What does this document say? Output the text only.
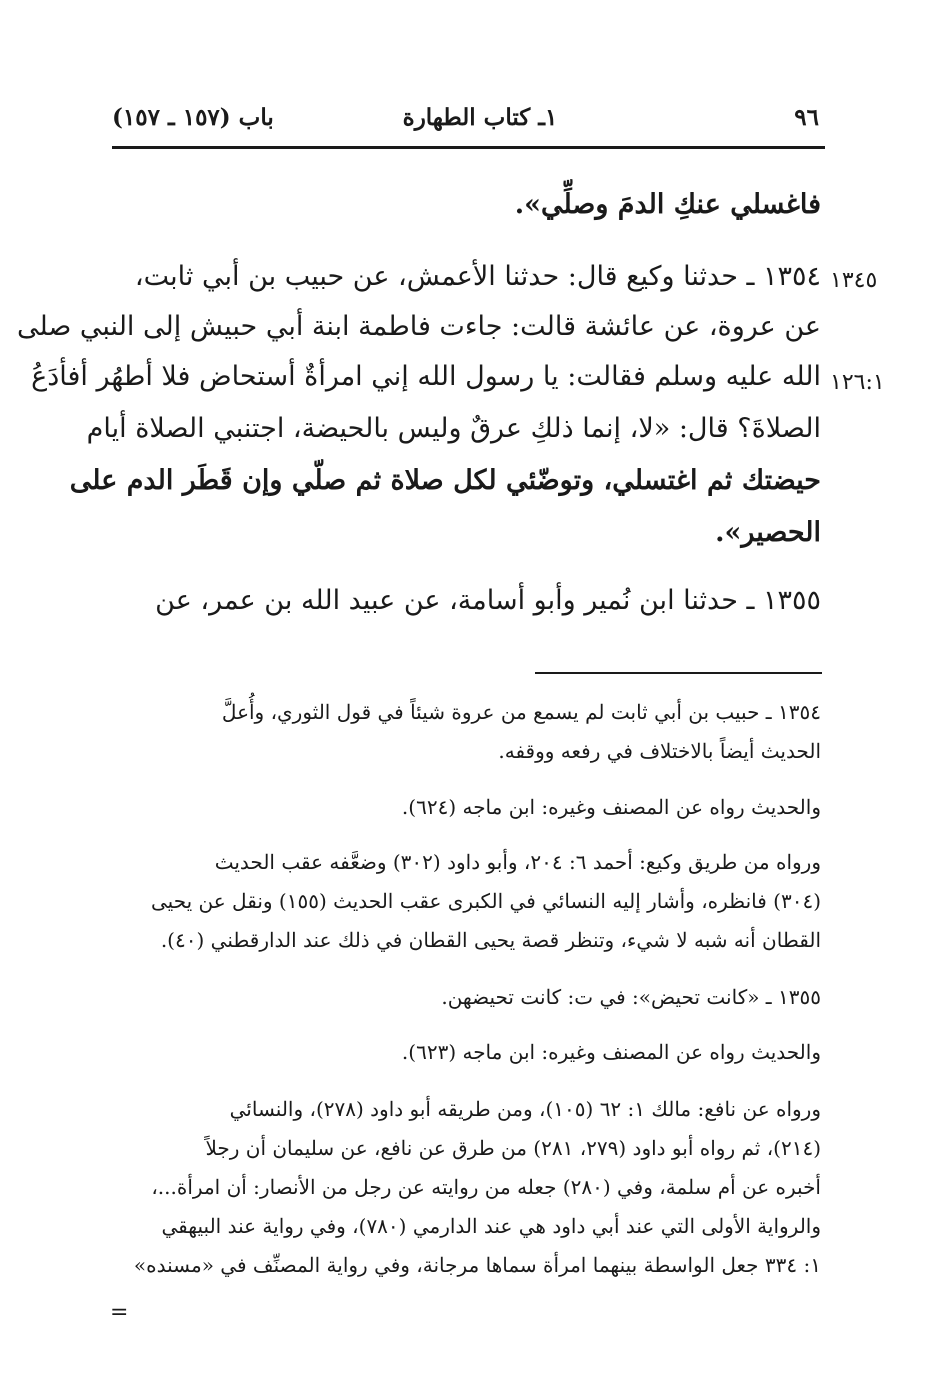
٩٦
١ـ كتاب الطهارة
باب (١٥٧ ـ ١٥٧)
فاغسلي عنكِ الدمَ وصلِّي».
١٣٤٥
١٣٥٤ ـ حدثنا وكيع قال: حدثنا الأعمش، عن حبيب بن أبي ثابت،
عن عروة، عن عائشة قالت: جاءت فاطمة ابنة أبي حبيش إلى النبي صلى
١٢٦:١
الله عليه وسلم فقالت: يا رسول الله إني امرأةٌ أستحاض فلا أطهُر أفأدَعُ
الصلاةَ؟ قال: «لا، إنما ذلكِ عرقٌ وليس بالحيضة، اجتنبي الصلاة أيام
حيضتك ثم اغتسلي، وتوضّئي لكل صلاة ثم صلّي وإن قَطَر الدم على
الحصير».
١٣٥٥ ـ حدثنا ابن نُمير وأبو أسامة، عن عبيد الله بن عمر، عن
١٣٥٤ ـ حبيب بن أبي ثابت لم يسمع من عروة شيئاً في قول الثوري، وأُعلَّ
الحديث أيضاً بالاختلاف في رفعه ووقفه.
والحديث رواه عن المصنف وغيره: ابن ماجه (٦٢٤).
ورواه من طريق وكيع: أحمد ٦: ٢٠٤، وأبو داود (٣٠٢) وضعَّفه عقب الحديث
(٣٠٤) فانظره، وأشار إليه النسائي في الكبرى عقب الحديث (١٥٥) ونقل عن يحيى
القطان أنه شبه لا شيء، وتنظر قصة يحيى القطان في ذلك عند الدارقطني (٤٠).
١٣٥٥ ـ «كانت تحيض»: في ت: كانت تحيضهن.
والحديث رواه عن المصنف وغيره: ابن ماجه (٦٢٣).
ورواه عن نافع: مالك ١: ٦٢ (١٠٥)، ومن طريقه أبو داود (٢٧٨)، والنسائي
(٢١٤)، ثم رواه أبو داود (٢٧٩، ٢٨١) من طرق عن نافع، عن سليمان أن رجلاً
أخبره عن أم سلمة، وفي (٢٨٠) جعله من روايته عن رجل من الأنصار: أن امرأة...،
والرواية الأولى التي عند أبي داود هي عند الدارمي (٧٨٠)، وفي رواية عند البيهقي
١: ٣٣٤ جعل الواسطة بينهما امرأة سماها مرجانة، وفي رواية المصنِّف في «مسنده»
=
